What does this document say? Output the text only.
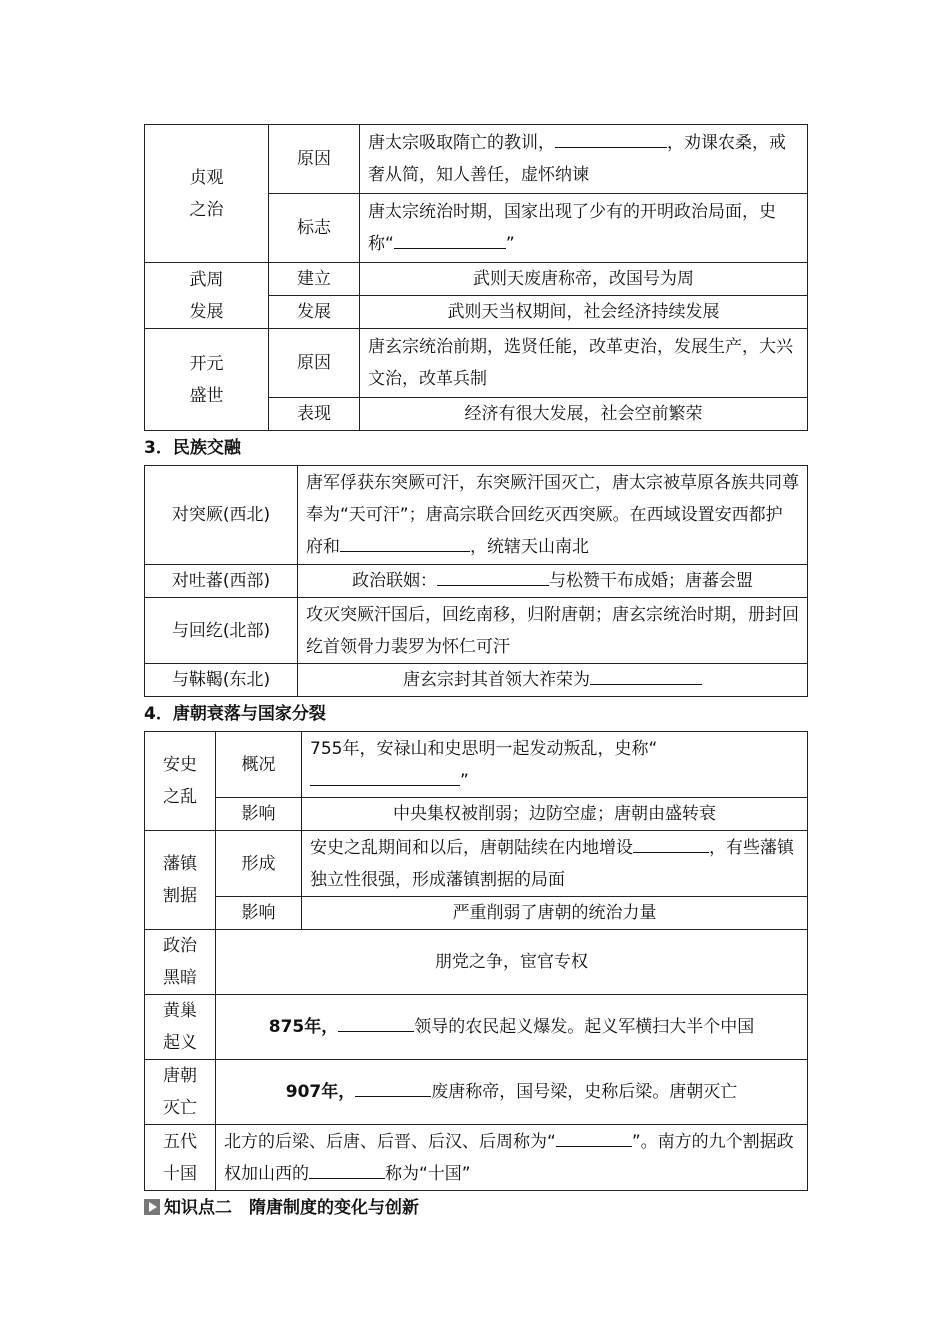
贞观
之治	原因	唐太宗吸取隋亡的教训， ，劝课农桑，戒奢从简，知人善任，虚怀纳谏
	标志	唐太宗统治时期，国家出现了少有的开明政治局面，史称“ ”
武周
发展	建立	武则天废唐称帝，改国号为周
	发展	武则天当权期间，社会经济持续发展
开元
盛世	原因	唐玄宗统治前期，选贤任能，改革吏治，发展生产，大兴文治，改革兵制
	表现	经济有很大发展，社会空前繁荣
3．民族交融
对突厥(西北)	唐军俘获东突厥可汗，东突厥汗国灭亡，唐太宗被草原各族共同尊奉为“天可汗”；唐高宗联合回纥灭西突厥。在西域设置安西都护府和 ，统辖天山南北
对吐蕃(西部)	政治联姻： 与松赞干布成婚；唐蕃会盟
与回纥(北部)	攻灭突厥汗国后，回纥南移，归附唐朝；唐玄宗统治时期，册封回纥首领骨力裴罗为怀仁可汗
与靺鞨(东北)	唐玄宗封其首领大祚荣为
4．唐朝衰落与国家分裂
安史
之乱	概况	755年，安禄山和史思明一起发动叛乱，史称“”
	影响	中央集权被削弱；边防空虚；唐朝由盛转衰
藩镇
割据	形成	安史之乱期间和以后，唐朝陆续在内地增设 ，有些藩镇独立性很强，形成藩镇割据的局面
	影响	严重削弱了唐朝的统治力量
政治
黑暗	朋党之争，宦官专权	
黄巢
起义	875年， 领导的农民起义爆发。起义军横扫大半个中国	
唐朝
灭亡	907年， 废唐称帝，国号梁，史称后梁。唐朝灭亡	
五代
十国	北方的后梁、后唐、后晋、后汉、后周称为“ ”。南方的九个割据政权加山西的 称为“十国”	
知识点二　隋唐制度的变化与创新
